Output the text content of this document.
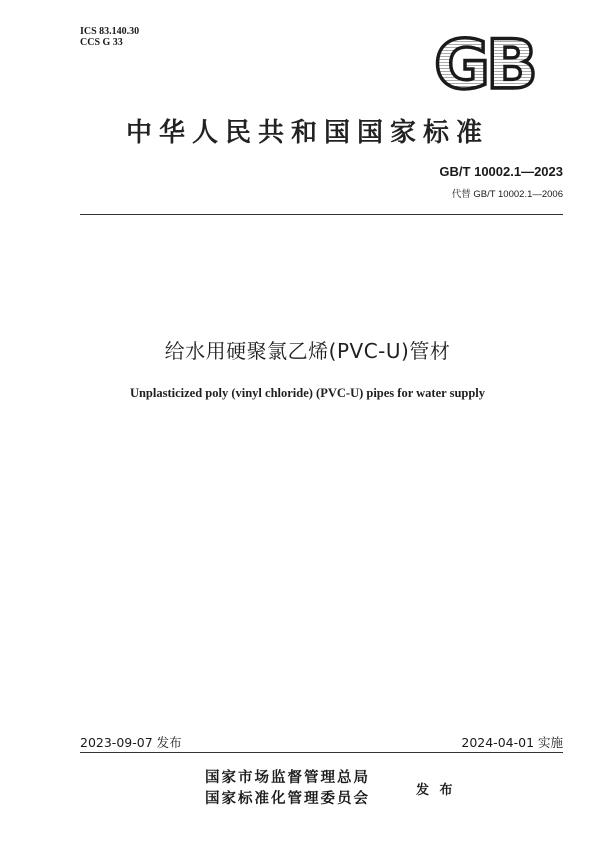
ICS 83.140.30
CCS G 33	GB
中华人民共和国国家标准
GB/T 10002.1—2023
代替 GB/T 10002.1—2006
给水用硬聚氯乙烯(PVC-U)管材
Unplasticized poly (vinyl chloride) (PVC-U) pipes for water supply
2023-09-07 发布	2024-04-01 实施
国家市场监督管理总局
国家标准化管理委员会
发 布
